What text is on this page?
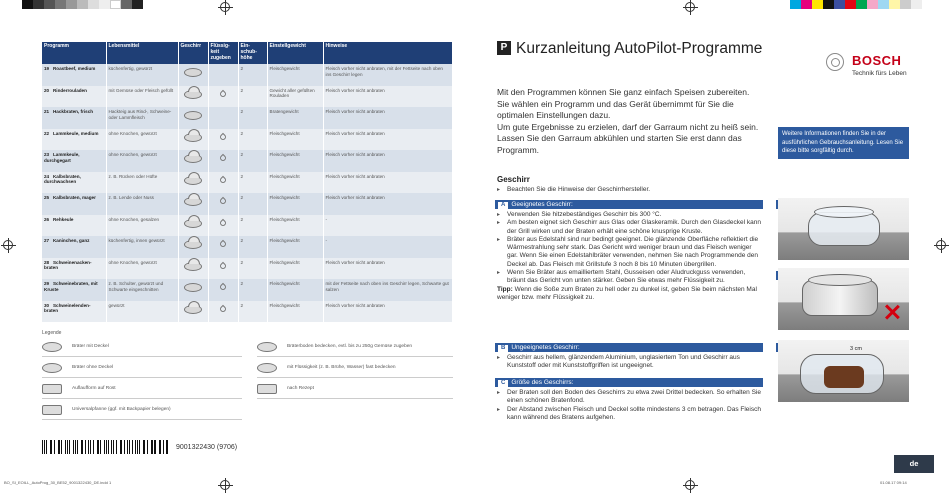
Programm	Lebensmittel	Geschirr	Flüssig-keit zugeben	Ein-schub-höhe	Einstellgewicht	Hinweise
19 Roastbeef, medium	küchenfertig, gewürzt			2	Fleischgewicht	Fleisch vorher nicht anbraten, mit der Fettseite nach oben ins Geschirr legen
20 Rinderrouladen	mit Gemüse oder Fleisch gefüllt			2	Gewicht aller gefüllten Rouladen	Fleisch vorher nicht anbraten
21 Hackbraten, frisch	Hackteig aus Rind-, Schweine- oder Lammfleisch			2	Bratengewicht	Fleisch vorher nicht anbraten
22 Lammkeule, medium	ohne Knochen, gewürzt			2	Fleischgewicht	Fleisch vorher nicht anbraten
23 Lammkeule, durchgegart	ohne Knochen, gewürzt			2	Fleischgewicht	Fleisch vorher nicht anbraten
24 Kalbsbraten, durchwachsen	z. B. Rücken oder Hüfte			2	Fleischgewicht	Fleisch vorher nicht anbraten
25 Kalbsbraten, mager	z. B. Lende oder Nuss			2	Fleischgewicht	Fleisch vorher nicht anbraten
26 Rehkeule	ohne Knochen, gesalzen			2	Fleischgewicht	-
27 Kaninchen, ganz	küchenfertig, innen gewürzt			2	Fleischgewicht	-
28 Schweinenacken-braten	ohne Knochen, gewürzt			2	Fleischgewicht	Fleisch vorher nicht anbraten
29 Schweinebraten, mit Kruste	z. B. Schulter, gewürzt und Schwarte eingeschnitten			2	Fleischgewicht	mit der Fettseite nach oben ins Geschirr legen, Schwarte gut salzen
30 Schweinelenden-braten	gewürzt			2	Fleischgewicht	Fleisch vorher nicht anbraten
Legende
Bräter mit Deckel
Bräter ohne Deckel
Auflaufform auf Rost
Universalpfanne (ggf. mit Backpapier belegen)
Bräterboden bedecken, evtl. bis zu 250g Gemüse zugeben
mit Flüssigkeit (z. B. Brühe, Wasser) fast bedecken
nach Rezept
9001322430 (9706)
BO_SI_EOILL_AutoProg_30_BE52_9001322430_DE.indd 1	01.08.17 09:14
P Kurzanleitung AutoPilot-Programme
BOSCH
Technik fürs Leben

Mit den Programmen können Sie ganz einfach Speisen zubereiten. Sie wählen ein Programm und das Gerät übernimmt für Sie die optimalen Einstellungen dazu.

Um gute Ergebnisse zu erzielen, darf der Garraum nicht zu heiß sein. Lassen Sie den Garraum abkühlen und starten Sie erst dann das Programm.

Weitere Informationen finden Sie in der ausführlichen Gebrauchsanleitung. Lesen Sie diese bitte sorgfältig durch.
Geschirr
▸ Beachten Sie die Hinweise der Geschirrhersteller.
A Geeignetes Geschirr:
▸ Verwenden Sie hitzebeständiges Geschirr bis 300 °C.
▸ Am besten eignet sich Geschirr aus Glas oder Glaskeramik. Durch den Glasdeckel kann der Grill wirken und der Braten erhält eine schöne knusprige Kruste.
▸ Bräter aus Edelstahl sind nur bedingt geeignet. Die glänzende Oberfläche reflektiert die Wärmestrahlung sehr stark. Das Gericht wird weniger braun und das Fleisch weniger gar. Wenn Sie einen Edelstahlbräter verwenden, nehmen Sie nach Programmende den Deckel ab. Das Fleisch mit Grillstufe 3 noch 8 bis 10 Minuten übergrillen.
▸ Wenn Sie Bräter aus emailliertem Stahl, Gusseisen oder Aludruckguss verwenden, bräunt das Gericht von unten stärker. Geben Sie etwas mehr Flüssigkeit zu.
Tipp: Wenn die Soße zum Braten zu hell oder zu dunkel ist, geben Sie beim nächsten Mal weniger bzw. mehr Flüssigkeit zu.
B Ungeeignetes Geschirr:
▸ Geschirr aus hellem, glänzendem Aluminium, unglasiertem Ton und Geschirr aus Kunststoff oder mit Kunststoffgriffen ist ungeeignet.
C Größe des Geschirrs:
▸ Der Braten soll den Boden des Geschirrs zu etwa zwei Drittel bedecken. So erhalten Sie einen schönen Bratenfond.
▸ Der Abstand zwischen Fleisch und Deckel sollte mindestens 3 cm betragen. Das Fleisch kann während des Bratens aufgehen.
3 cm
de
